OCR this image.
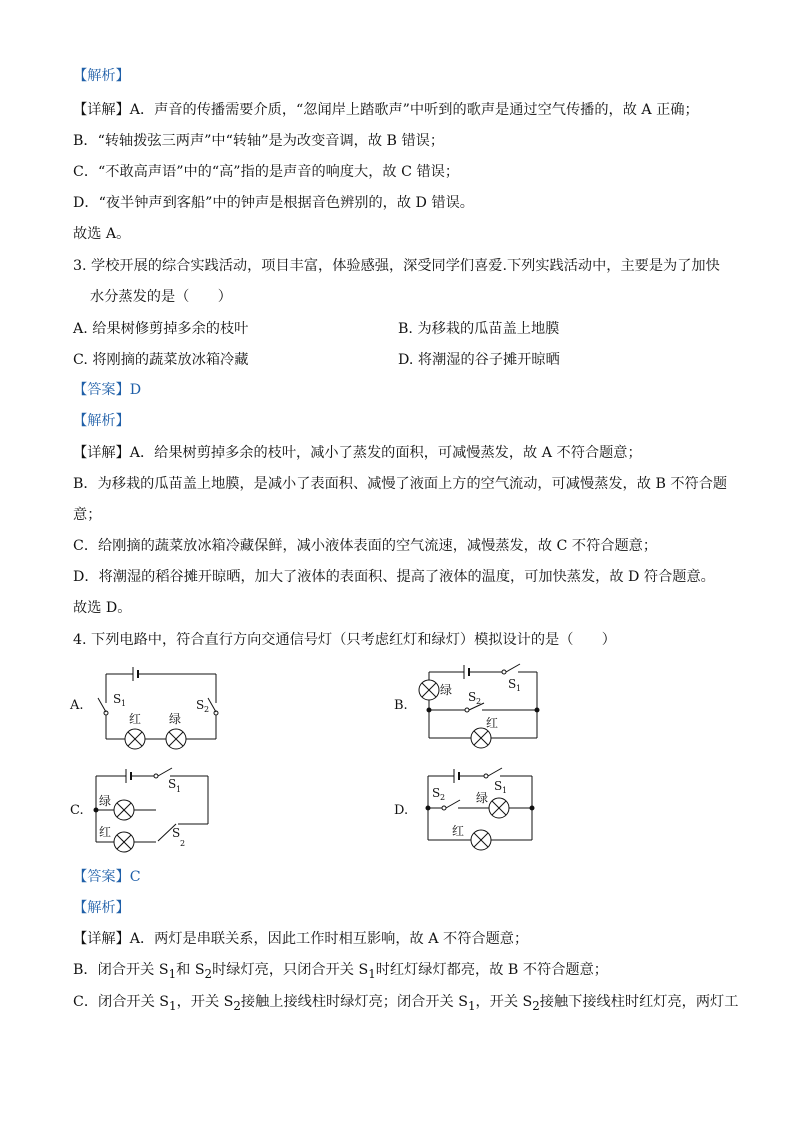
【解析】
【详解】A．声音的传播需要介质，“忽闻岸上踏歌声”中听到的歌声是通过空气传播的，故 A 正确；
B．“转轴拨弦三两声”中“转轴”是为改变音调，故 B 错误；
C．“不敢高声语”中的“高”指的是声音的响度大，故 C 错误；
D．“夜半钟声到客船”中的钟声是根据音色辨别的，故 D 错误。
故选 A。
3. 学校开展的综合实践活动，项目丰富，体验感强，深受同学们喜爱.下列实践活动中，主要是为了加快
水分蒸发的是（　　）
A. 给果树修剪掉多余的枝叶	B. 为移栽的瓜苗盖上地膜
C. 将刚摘的蔬菜放冰箱冷藏	D. 将潮湿的谷子摊开晾晒
【答案】D
【解析】
【详解】A．给果树剪掉多余的枝叶，减小了蒸发的面积，可减慢蒸发，故 A 不符合题意；
B．为移栽的瓜苗盖上地膜，是减小了表面积、减慢了液面上方的空气流动，可减慢蒸发，故 B 不符合题
意；
C．给刚摘的蔬菜放冰箱冷藏保鲜，减小液体表面的空气流速，减慢蒸发，故 C 不符合题意；
D．将潮湿的稻谷摊开晾晒，加大了液体的表面积、提高了液体的温度，可加快蒸发，故 D 符合题意。
故选 D。
4. 下列电路中，符合直行方向交通信号灯（只考虑红灯和绿灯）模拟设计的是（　　）
A. S 1	S 2
红 绿
B.
绿	S 1
S 2
红
C.
绿
红
S 1
S
2
D.
S 2
S 1
绿
红
【答案】C
【解析】
【详解】A．两灯是串联关系，因此工作时相互影响，故 A 不符合题意；
B．闭合开关 $S_1$和 $S_2$时绿灯亮，只闭合开关 $S_1$时红灯绿灯都亮，故 B 不符合题意；
C．闭合开关 $S_1$，开关 $S_2$接触上接线柱时绿灯亮；闭合开关 $S_1$，开关 $S_2$接触下接线柱时红灯亮，两灯工
